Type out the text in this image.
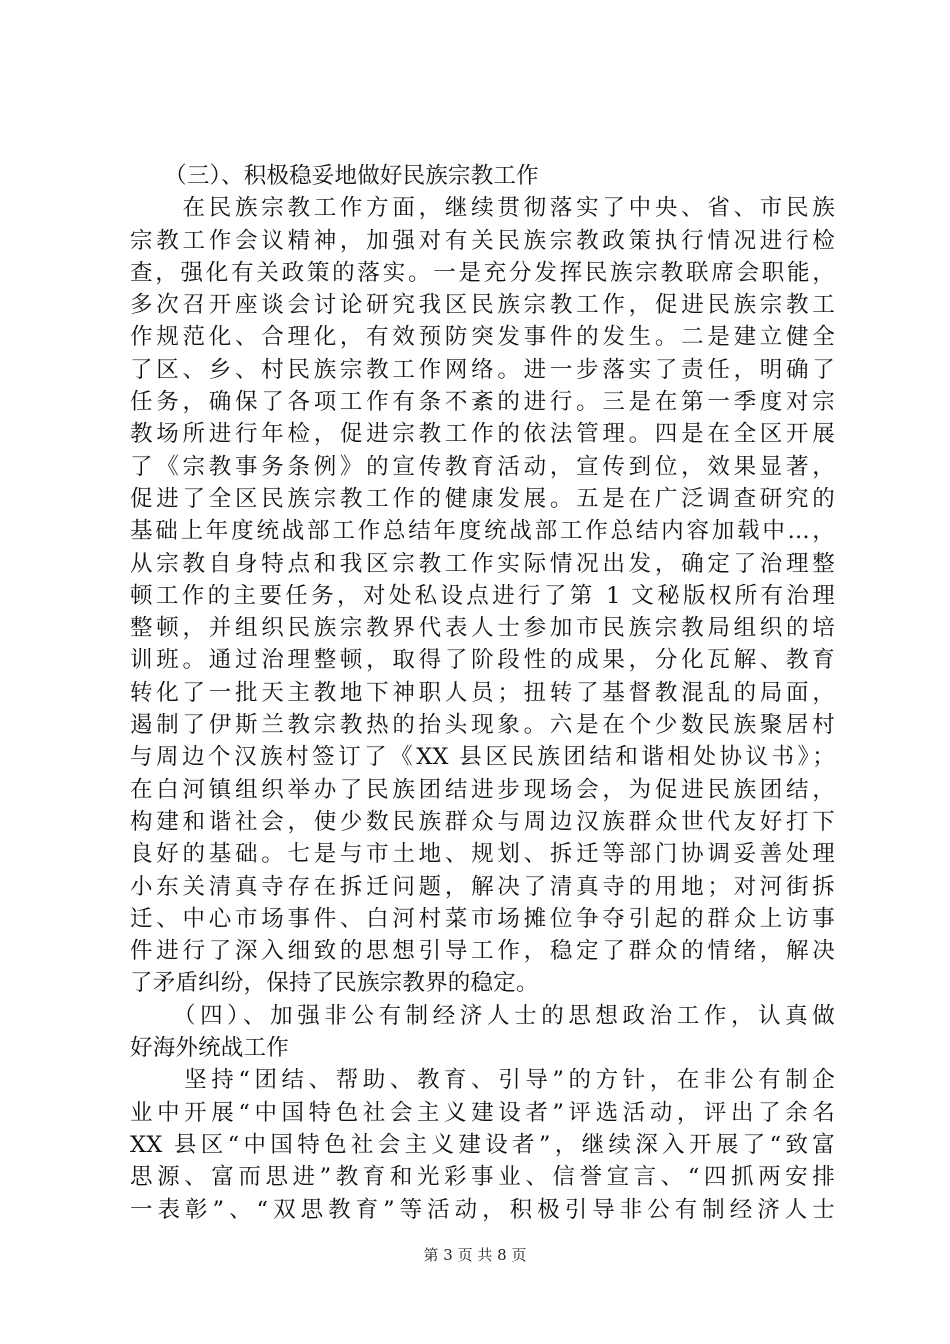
　　（三）、积极稳妥地做好民族宗教工作
　　在民族宗教工作方面，继续贯彻落实了中央、省、市民族
宗教工作会议精神，加强对有关民族宗教政策执行情况进行检
查，强化有关政策的落实。一是充分发挥民族宗教联席会职能，
多次召开座谈会讨论研究我区民族宗教工作，促进民族宗教工
作规范化、合理化，有效预防突发事件的发生。二是建立健全
了区、乡、村民族宗教工作网络。进一步落实了责任，明确了
任务，确保了各项工作有条不紊的进行。三是在第一季度对宗
教场所进行年检，促进宗教工作的依法管理。四是在全区开展
了《宗教事务条例》的宣传教育活动，宣传到位，效果显著，
促进了全区民族宗教工作的健康发展。五是在广泛调查研究的
基础上年度统战部工作总结年度统战部工作总结内容加载中...，
从宗教自身特点和我区宗教工作实际情况出发，确定了治理整
顿工作的主要任务，对处私设点进行了第 1 文秘版权所有治理
整顿，并组织民族宗教界代表人士参加市民族宗教局组织的培
训班。通过治理整顿，取得了阶段性的成果，分化瓦解、教育
转化了一批天主教地下神职人员；扭转了基督教混乱的局面，
遏制了伊斯兰教宗教热的抬头现象。六是在个少数民族聚居村
与周边个汉族村签订了《XX 县区民族团结和谐相处协议书》；
在白河镇组织举办了民族团结进步现场会，为促进民族团结，
构建和谐社会，使少数民族群众与周边汉族群众世代友好打下
良好的基础。七是与市土地、规划、拆迁等部门协调妥善处理
小东关清真寺存在拆迁问题，解决了清真寺的用地；对河街拆
迁、中心市场事件、白河村菜市场摊位争夺引起的群众上访事
件进行了深入细致的思想引导工作，稳定了群众的情绪，解决
了矛盾纠纷，保持了民族宗教界的稳定。
　　（四）、加强非公有制经济人士的思想政治工作，认真做
好海外统战工作
　　坚持“团结、帮助、教育、引导”的方针，在非公有制企
业中开展“中国特色社会主义建设者”评选活动，评出了余名
XX 县区“中国特色社会主义建设者”，继续深入开展了“致富
思源、富而思进”教育和光彩事业、信誉宣言、“四抓两安排
一表彰”、“双思教育”等活动，积极引导非公有制经济人士
第 3 页 共 8 页
